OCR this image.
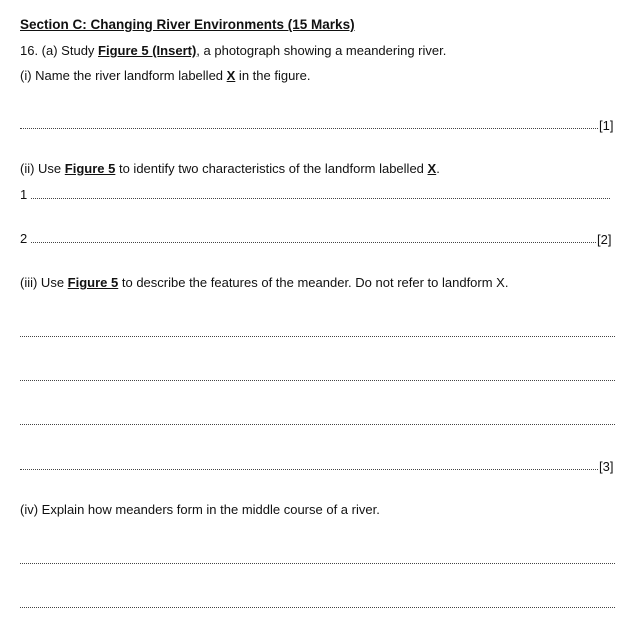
Section C: Changing River Environments (15 Marks)
16. (a) Study Figure 5 (Insert), a photograph showing a meandering river.
(i) Name the river landform labelled X in the figure.
[1]
(ii) Use Figure 5 to identify two characteristics of the landform labelled X.
1
2	[2]
(iii) Use Figure 5 to describe the features of the meander. Do not refer to landform X.
[3]
(iv) Explain how meanders form in the middle course of a river.
